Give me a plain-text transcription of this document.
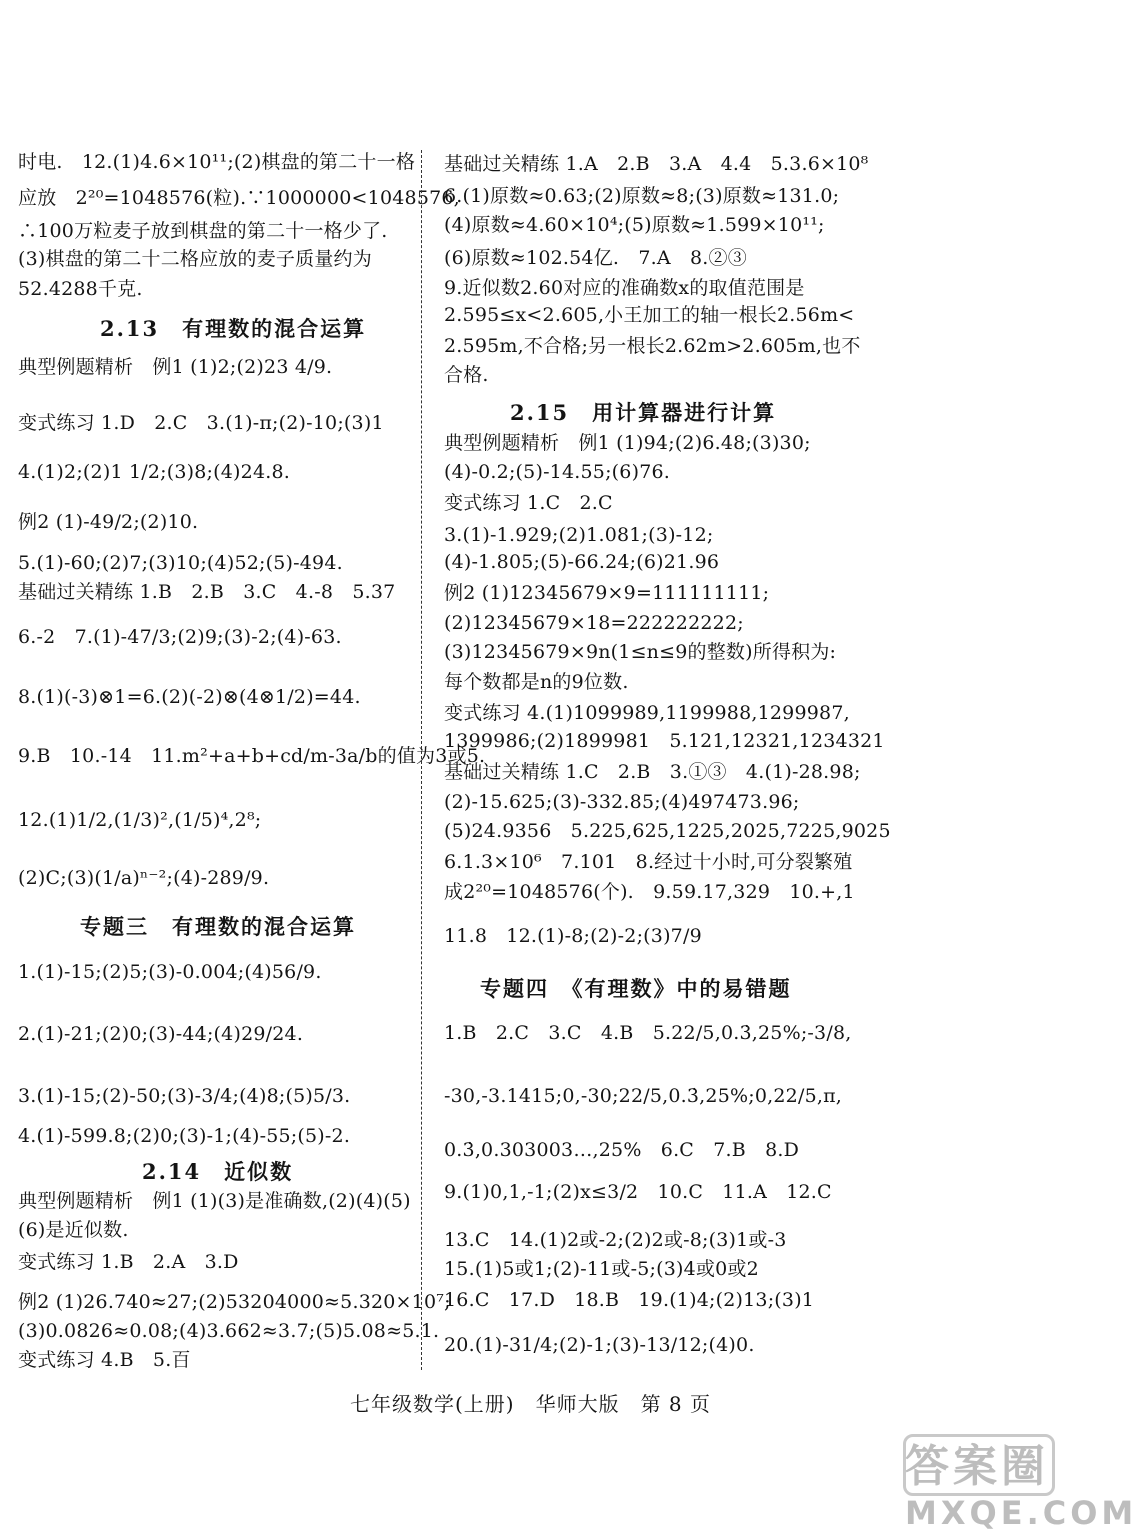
时电.　12.(1)4.6×10¹¹;(2)棋盘的第二十一格
应放　2²⁰=1048576(粒).∵1000000<1048576,
∴100万粒麦子放到棋盘的第二十一格少了.
(3)棋盘的第二十二格应放的麦子质量约为
52.4288千克.
2.13　有理数的混合运算
典型例题精析　例1 (1)2;(2)23 4/9.
变式练习 1.D　2.C　3.(1)-π;(2)-10;(3)1
4.(1)2;(2)1 1/2;(3)8;(4)24.8.
例2 (1)-49/2;(2)10.
5.(1)-60;(2)7;(3)10;(4)52;(5)-494.
基础过关精练 1.B　2.B　3.C　4.-8　5.37
6.-2　7.(1)-47/3;(2)9;(3)-2;(4)-63.
8.(1)(-3)⊗1=6.(2)(-2)⊗(4⊗1/2)=44.
9.B　10.-14　11.m²+a+b+cd/m-3a/b的值为3或5.
12.(1)1/2,(1/3)²,(1/5)⁴,2⁸;
(2)C;(3)(1/a)ⁿ⁻²;(4)-289/9.
专题三　有理数的混合运算
1.(1)-15;(2)5;(3)-0.004;(4)56/9.
2.(1)-21;(2)0;(3)-44;(4)29/24.
3.(1)-15;(2)-50;(3)-3/4;(4)8;(5)5/3.
4.(1)-599.8;(2)0;(3)-1;(4)-55;(5)-2.
2.14　近似数
典型例题精析　例1 (1)(3)是准确数,(2)(4)(5)
(6)是近似数.
变式练习 1.B　2.A　3.D
例2 (1)26.740≈27;(2)53204000≈5.320×10⁷;
(3)0.0826≈0.08;(4)3.662≈3.7;(5)5.08≈5.1.
变式练习 4.B　5.百
基础过关精练 1.A　2.B　3.A　4.4　5.3.6×10⁸
6.(1)原数≈0.63;(2)原数≈8;(3)原数≈131.0;
(4)原数≈4.60×10⁴;(5)原数≈1.599×10¹¹;
(6)原数≈102.54亿.　7.A　8.②③
9.近似数2.60对应的准确数x的取值范围是
2.595≤x<2.605,小王加工的轴一根长2.56m<
2.595m,不合格;另一根长2.62m>2.605m,也不
合格.
2.15　用计算器进行计算
典型例题精析　例1 (1)94;(2)6.48;(3)30;
(4)-0.2;(5)-14.55;(6)76.
变式练习 1.C　2.C
3.(1)-1.929;(2)1.081;(3)-12;
(4)-1.805;(5)-66.24;(6)21.96
例2 (1)12345679×9=111111111;
(2)12345679×18=222222222;
(3)12345679×9n(1≤n≤9的整数)所得积为:
每个数都是n的9位数.
变式练习 4.(1)1099989,1199988,1299987,
1399986;(2)1899981　5.121,12321,1234321
基础过关精练 1.C　2.B　3.①③　4.(1)-28.98;
(2)-15.625;(3)-332.85;(4)497473.96;
(5)24.9356　5.225,625,1225,2025,7225,9025
6.1.3×10⁶　7.101　8.经过十小时,可分裂繁殖
成2²⁰=1048576(个).　9.59.17,329　10.+,1
11.8　12.(1)-8;(2)-2;(3)7/9
专题四　《有理数》中的易错题
1.B　2.C　3.C　4.B　5.22/5,0.3̇,25%;-3/8,
-30,-3.1415;0,-30;22/5,0.3̇,25%;0,22/5,π,
0.3̇,0.303003…,25%　6.C　7.B　8.D
9.(1)0,1,-1;(2)x≤3/2　10.C　11.A　12.C
13.C　14.(1)2或-2;(2)2或-8;(3)1或-3
15.(1)5或1;(2)-11或-5;(3)4或0或2
16.C　17.D　18.B　19.(1)4;(2)13;(3)1
20.(1)-31/4;(2)-1;(3)-13/12;(4)0.
七年级数学(上册)　华师大版　第 8 页
答案圈
MXQE.COM
